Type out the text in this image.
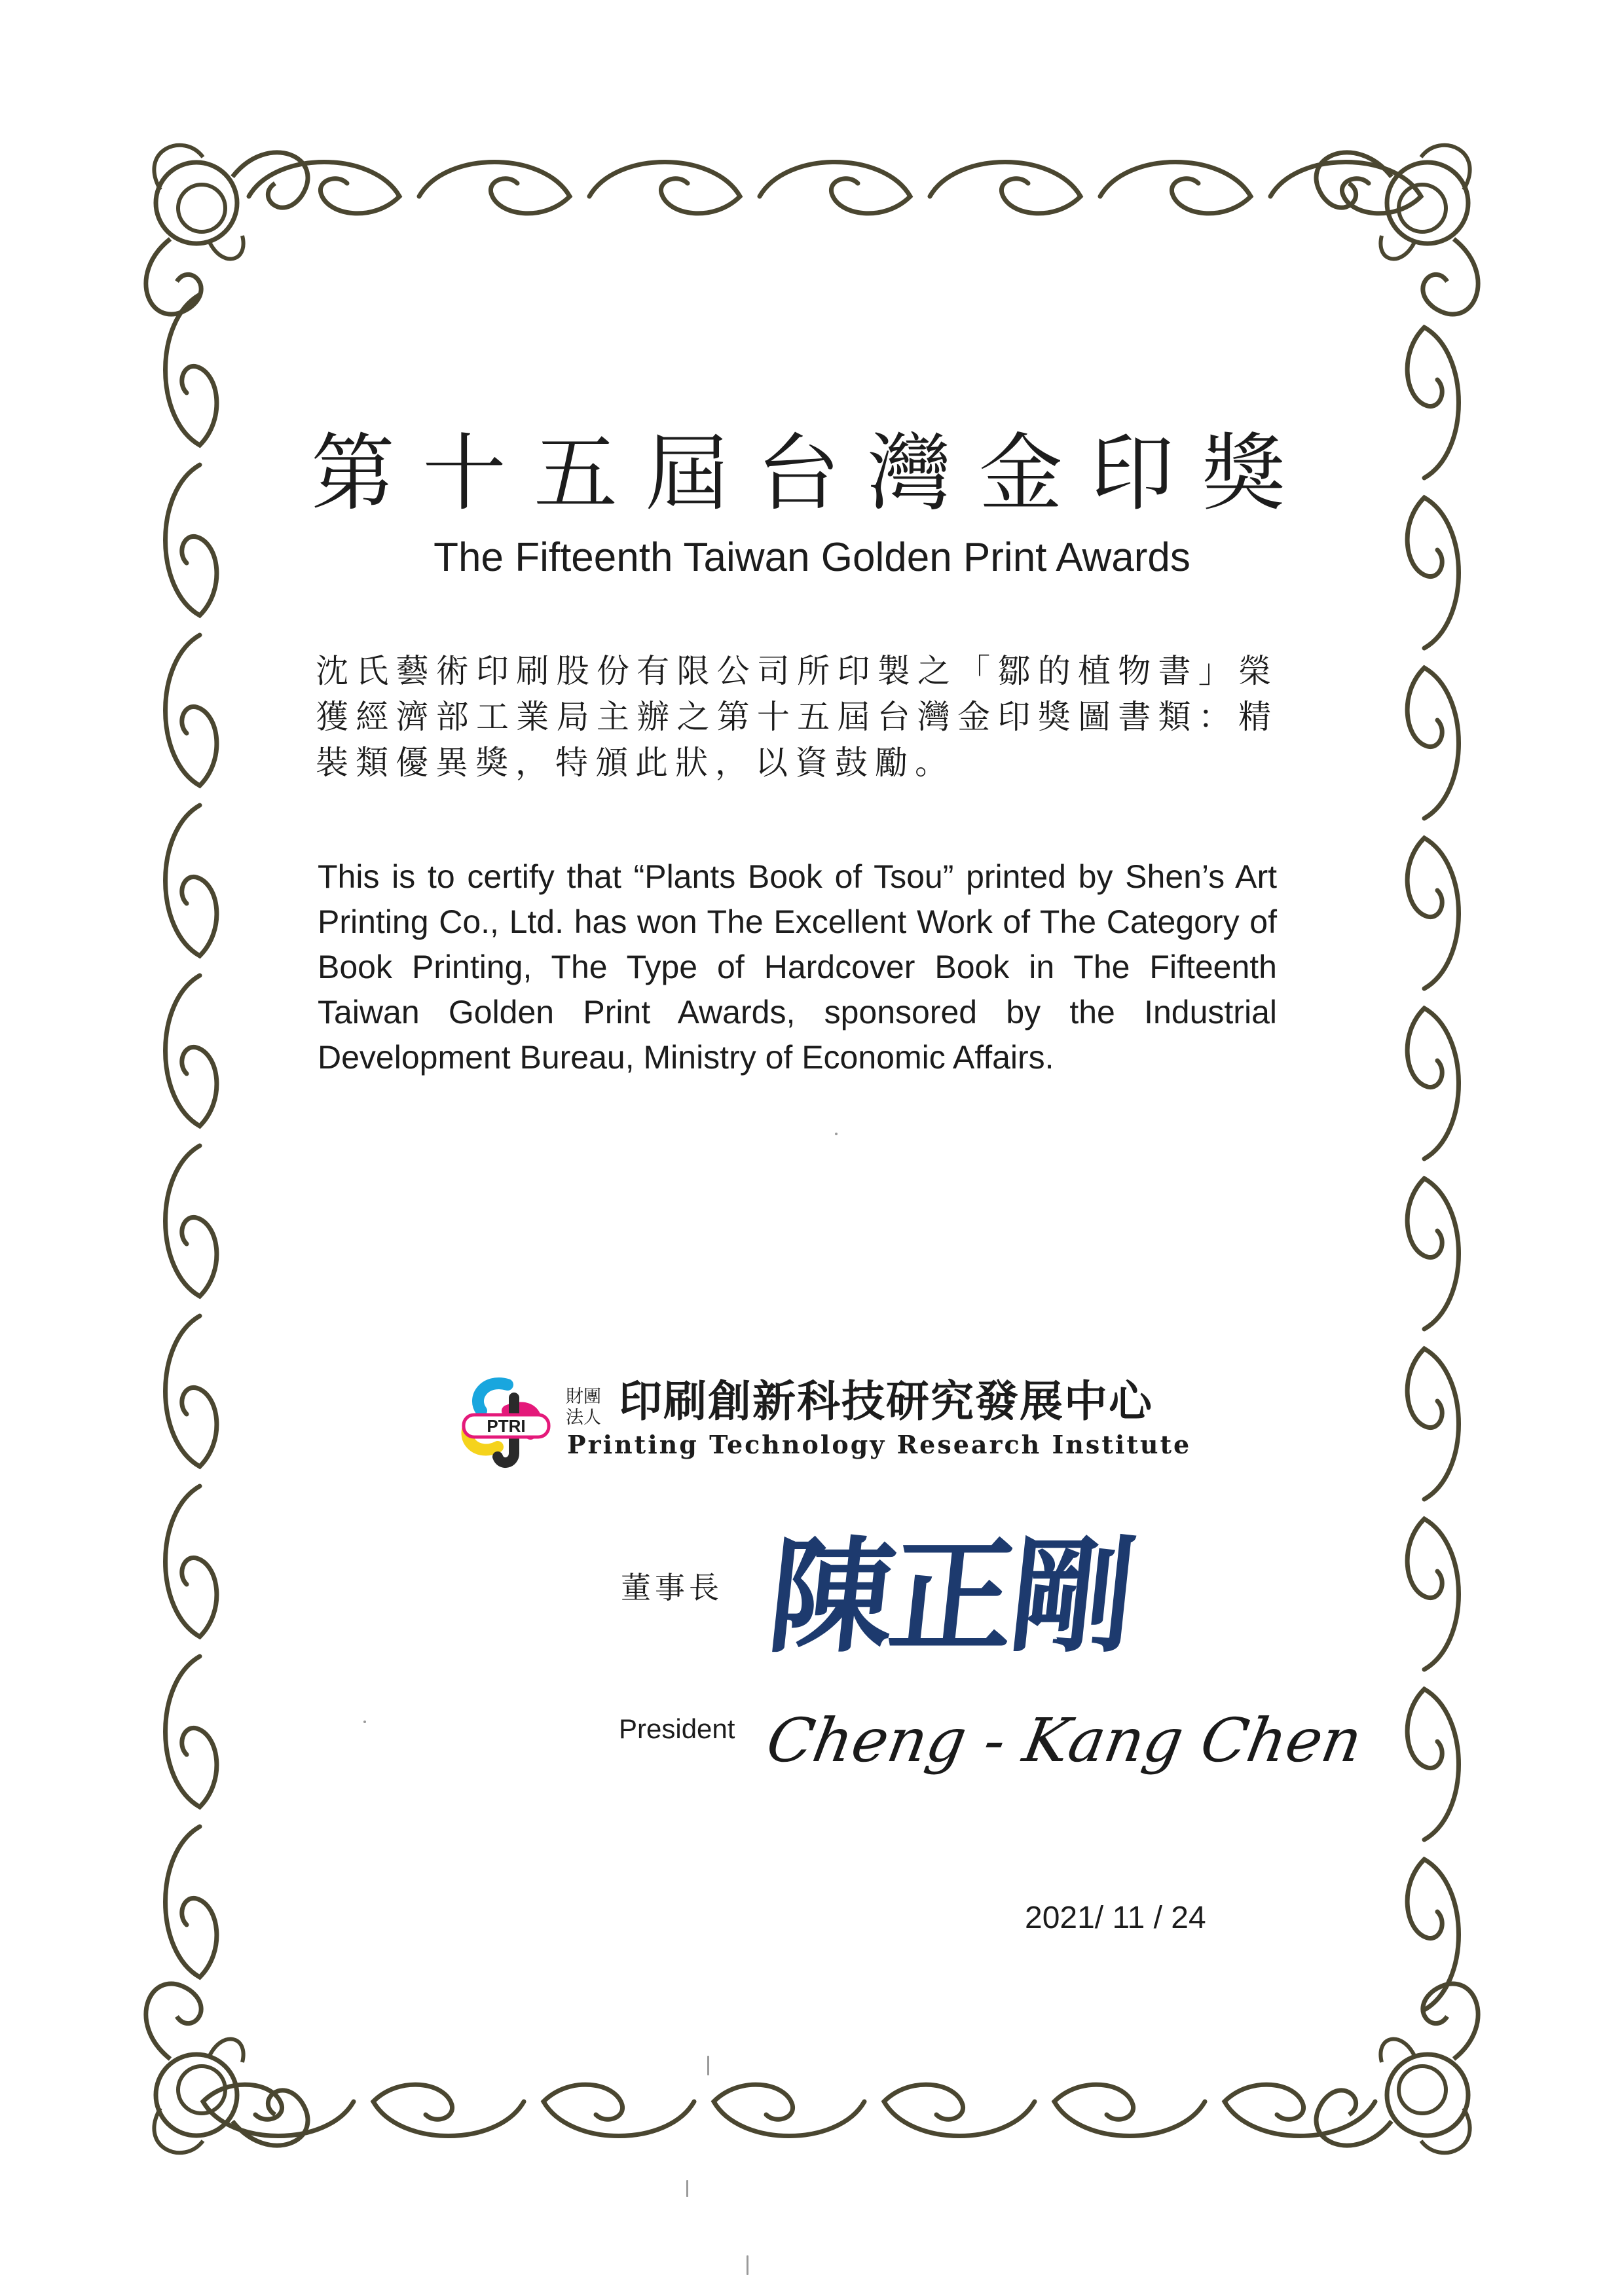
第十五屆台灣金印獎
The Fifteenth Taiwan Golden Print Awards
沈氏藝術印刷股份有限公司所印製之「鄒的植物書」榮獲經濟部工業局主辦之第十五屆台灣金印獎圖書類：精裝類優異獎，特頒此狀，以資鼓勵。
This is to certify that “Plants Book of Tsou” printed by Shen’s Art Printing Co., Ltd. has won The Excellent Work of The Category of Book Printing, The Type of Hardcover Book in The Fifteenth Taiwan Golden Print Awards, sponsored by the Industrial Development Bureau, Ministry of Economic Affairs.
PTRI
財團
法人 印刷創新科技研究發展中心
Printing Technology Research Institute
董事長 陳正剛
President Cheng - Kang Chen
2021/ 11 / 24
